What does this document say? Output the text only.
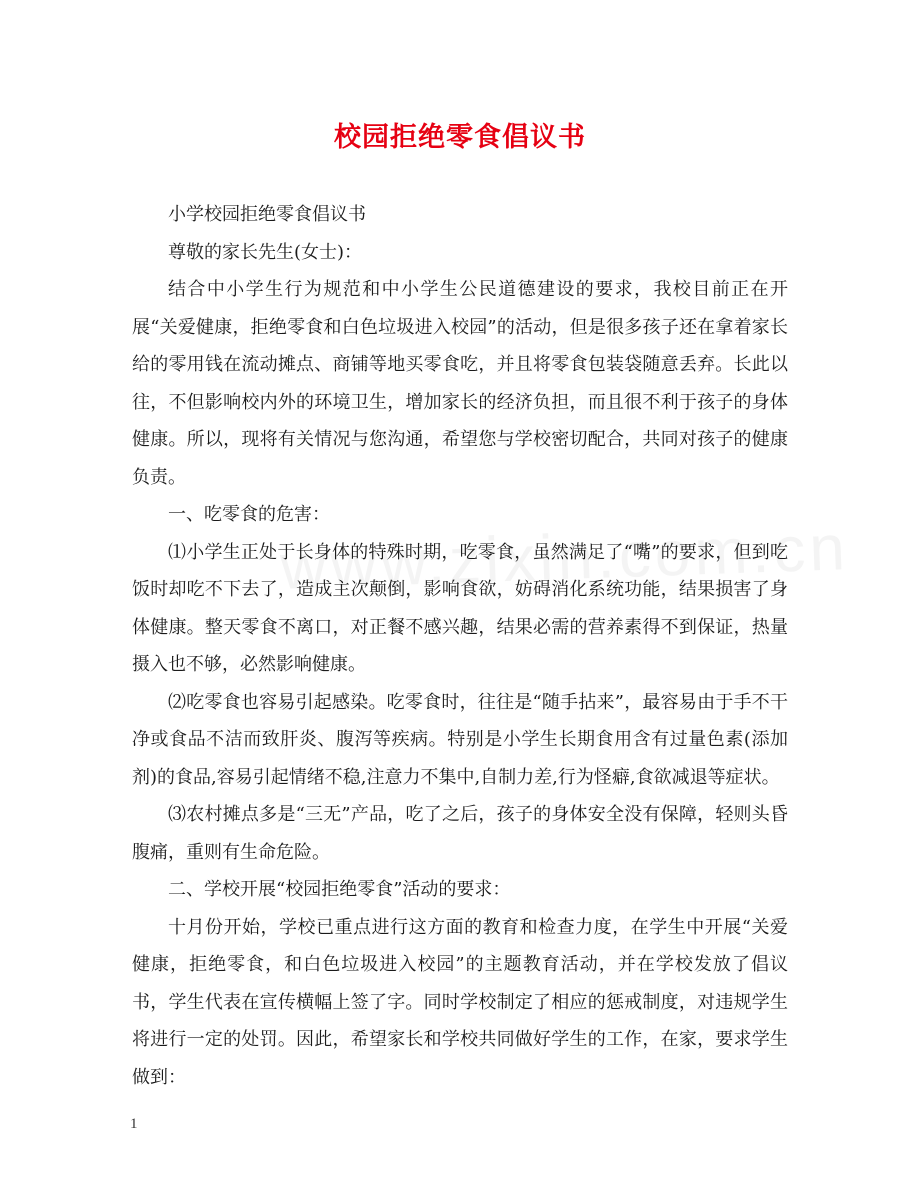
校园拒绝零食倡议书

小学校园拒绝零食倡议书

尊敬的家长先生(女士)：

结合中小学生行为规范和中小学生公民道德建设的要求，我校目前正在开展“关爱健康，拒绝零食和白色垃圾进入校园”的活动，但是很多孩子还在拿着家长给的零用钱在流动摊点、商铺等地买零食吃，并且将零食包装袋随意丢弃。长此以往，不但影响校内外的环境卫生，增加家长的经济负担，而且很不利于孩子的身体健康。所以，现将有关情况与您沟通，希望您与学校密切配合，共同对孩子的健康负责。

一、吃零食的危害：

⑴小学生正处于长身体的特殊时期，吃零食，虽然满足了“嘴”的要求，但到吃饭时却吃不下去了，造成主次颠倒，影响食欲，妨碍消化系统功能，结果损害了身体健康。整天零食不离口，对正餐不感兴趣，结果必需的营养素得不到保证，热量摄入也不够，必然影响健康。

⑵吃零食也容易引起感染。吃零食时，往往是“随手拈来”，最容易由于手不干净或食品不洁而致肝炎、腹泻等疾病。特别是小学生长期食用含有过量色素(添加剂)的食品,容易引起情绪不稳,注意力不集中,自制力差,行为怪癖,食欲减退等症状。

⑶农村摊点多是“三无”产品，吃了之后，孩子的身体安全没有保障，轻则头昏腹痛，重则有生命危险。

二、学校开展“校园拒绝零食”活动的要求：

十月份开始，学校已重点进行这方面的教育和检查力度，在学生中开展“关爱健康，拒绝零食，和白色垃圾进入校园”的主题教育活动，并在学校发放了倡议书，学生代表在宣传横幅上签了字。同时学校制定了相应的惩戒制度，对违规学生将进行一定的处罚。因此，希望家长和学校共同做好学生的工作，在家，要求学生做到：

1
